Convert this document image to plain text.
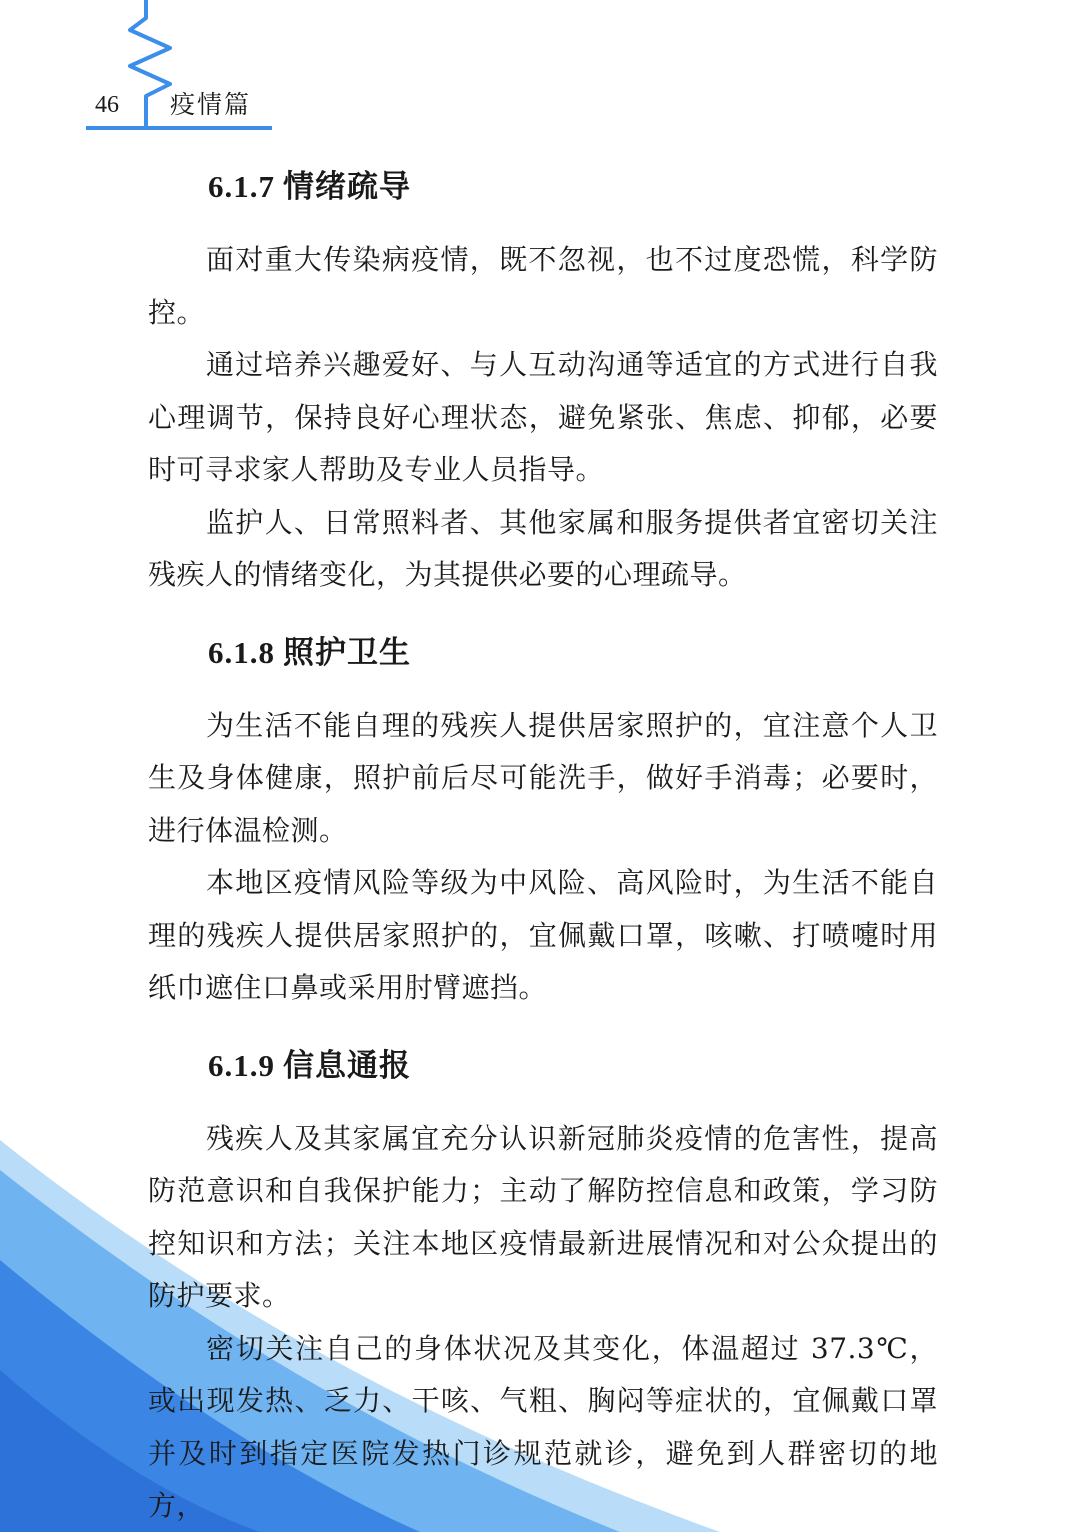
46 疫情篇
6.1.7 情绪疏导

面对重大传染病疫情，既不忽视，也不过度恐慌，科学防控。

通过培养兴趣爱好、与人互动沟通等适宜的方式进行自我心理调节，保持良好心理状态，避免紧张、焦虑、抑郁，必要时可寻求家人帮助及专业人员指导。

监护人、日常照料者、其他家属和服务提供者宜密切关注残疾人的情绪变化，为其提供必要的心理疏导。

6.1.8 照护卫生

为生活不能自理的残疾人提供居家照护的，宜注意个人卫生及身体健康，照护前后尽可能洗手，做好手消毒；必要时，进行体温检测。

本地区疫情风险等级为中风险、高风险时，为生活不能自理的残疾人提供居家照护的，宜佩戴口罩，咳嗽、打喷嚏时用纸巾遮住口鼻或采用肘臂遮挡。

6.1.9 信息通报

残疾人及其家属宜充分认识新冠肺炎疫情的危害性，提高防范意识和自我保护能力；主动了解防控信息和政策，学习防控知识和方法；关注本地区疫情最新进展情况和对公众提出的防护要求。

密切关注自己的身体状况及其变化，体温超过 37.3℃，或出现发热、乏力、干咳、气粗、胸闷等症状的，宜佩戴口罩并及时到指定医院发热门诊规范就诊，避免到人群密切的地方，
